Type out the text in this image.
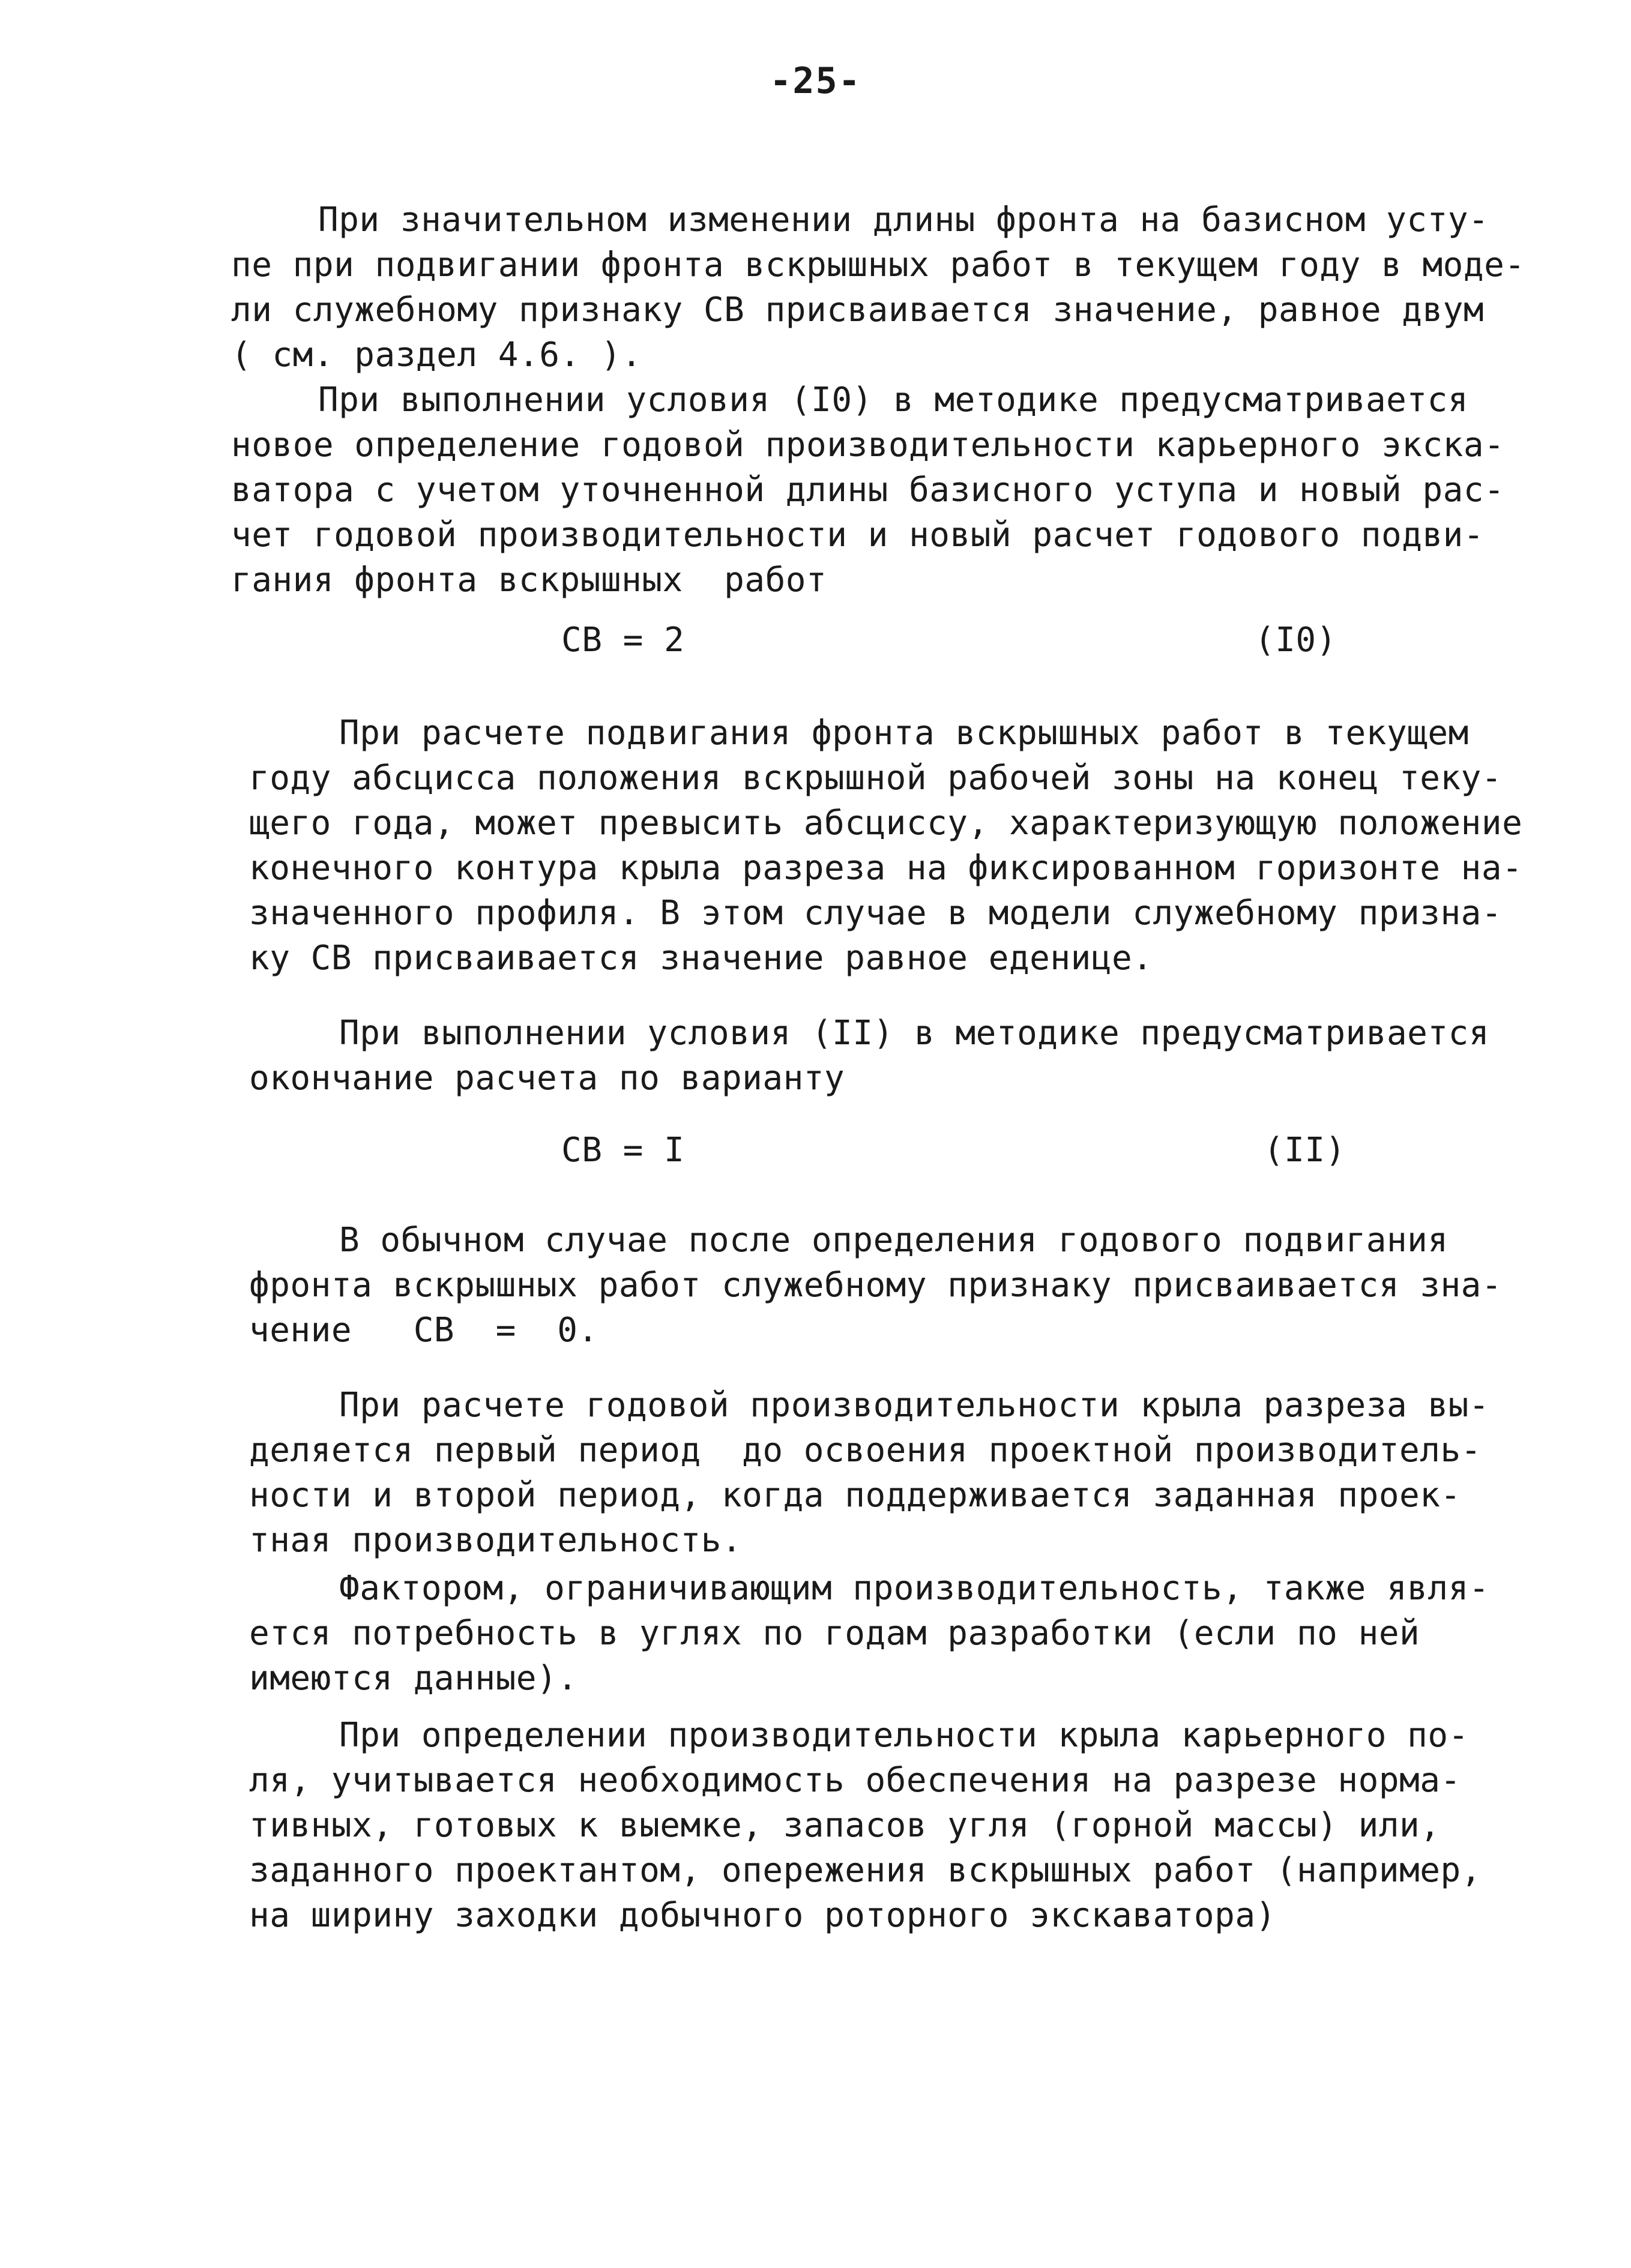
-25-
При значительном изменении длины фронта на базисном усту-
пе при подвигании фронта вскрышных работ в текущем году в моде-
ли служебному признаку СВ присваивается значение, равное двум
( см. раздел 4.6. ).
При выполнении условия (I0) в методике предусматривается
новое определение годовой производительности карьерного экска-
ватора с учетом уточненной длины базисного уступа и новый рас-
чет годовой производительности и новый расчет годового подви-
гания фронта вскрышных  работ
СВ = 2	(I0)
При расчете подвигания фронта вскрышных работ в текущем
году абсцисса положения вскрышной рабочей зоны на конец теку-
щего года, может превысить абсциссу, характеризующую положение
конечного контура крыла разреза на фиксированном горизонте на-
значенного профиля. В этом случае в модели служебному призна-
ку СВ присваивается значение равное еденице.
При выполнении условия (II) в методике предусматривается
окончание расчета по варианту
СВ = I	(II)
В обычном случае после определения годового подвигания
фронта вскрышных работ служебному признаку присваивается зна-
чение   СВ  =  0.
При расчете годовой производительности крыла разреза вы-
деляется первый период  до освоения проектной производитель-
ности и второй период, когда поддерживается заданная проек-
тная производительность.
Фактором, ограничивающим производительность, также явля-
ется потребность в углях по годам разработки (если по ней
имеются данные).
При определении производительности крыла карьерного по-
ля, учитывается необходимость обеспечения на разрезе норма-
тивных, готовых к выемке, запасов угля (горной массы) или,
заданного проектантом, опережения вскрышных работ (например,
на ширину заходки добычного роторного экскаватора)
